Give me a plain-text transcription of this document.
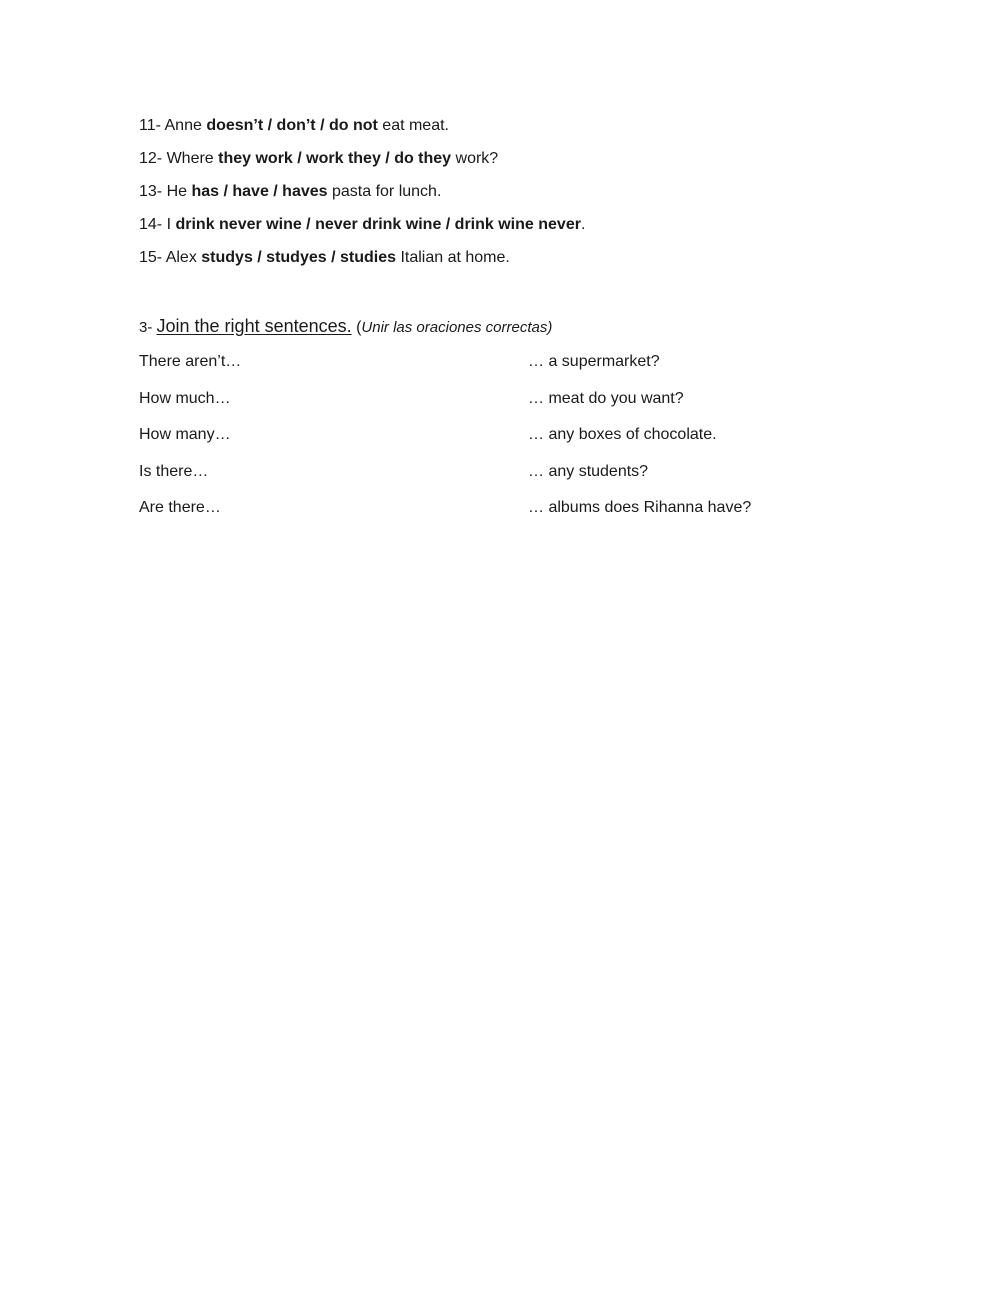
11- Anne doesn’t / don’t / do not eat meat.
12- Where they work / work they / do they work?
13- He has / have / haves pasta for lunch.
14- I drink never wine / never drink wine / drink wine never.
15- Alex studys / studyes / studies Italian at home.
3- Join the right sentences. (Unir las oraciones correctas)
There aren’t…	… a supermarket?
How much…	… meat do you want?
How many…	… any boxes of chocolate.
Is there…	… any students?
Are there…	… albums does Rihanna have?
